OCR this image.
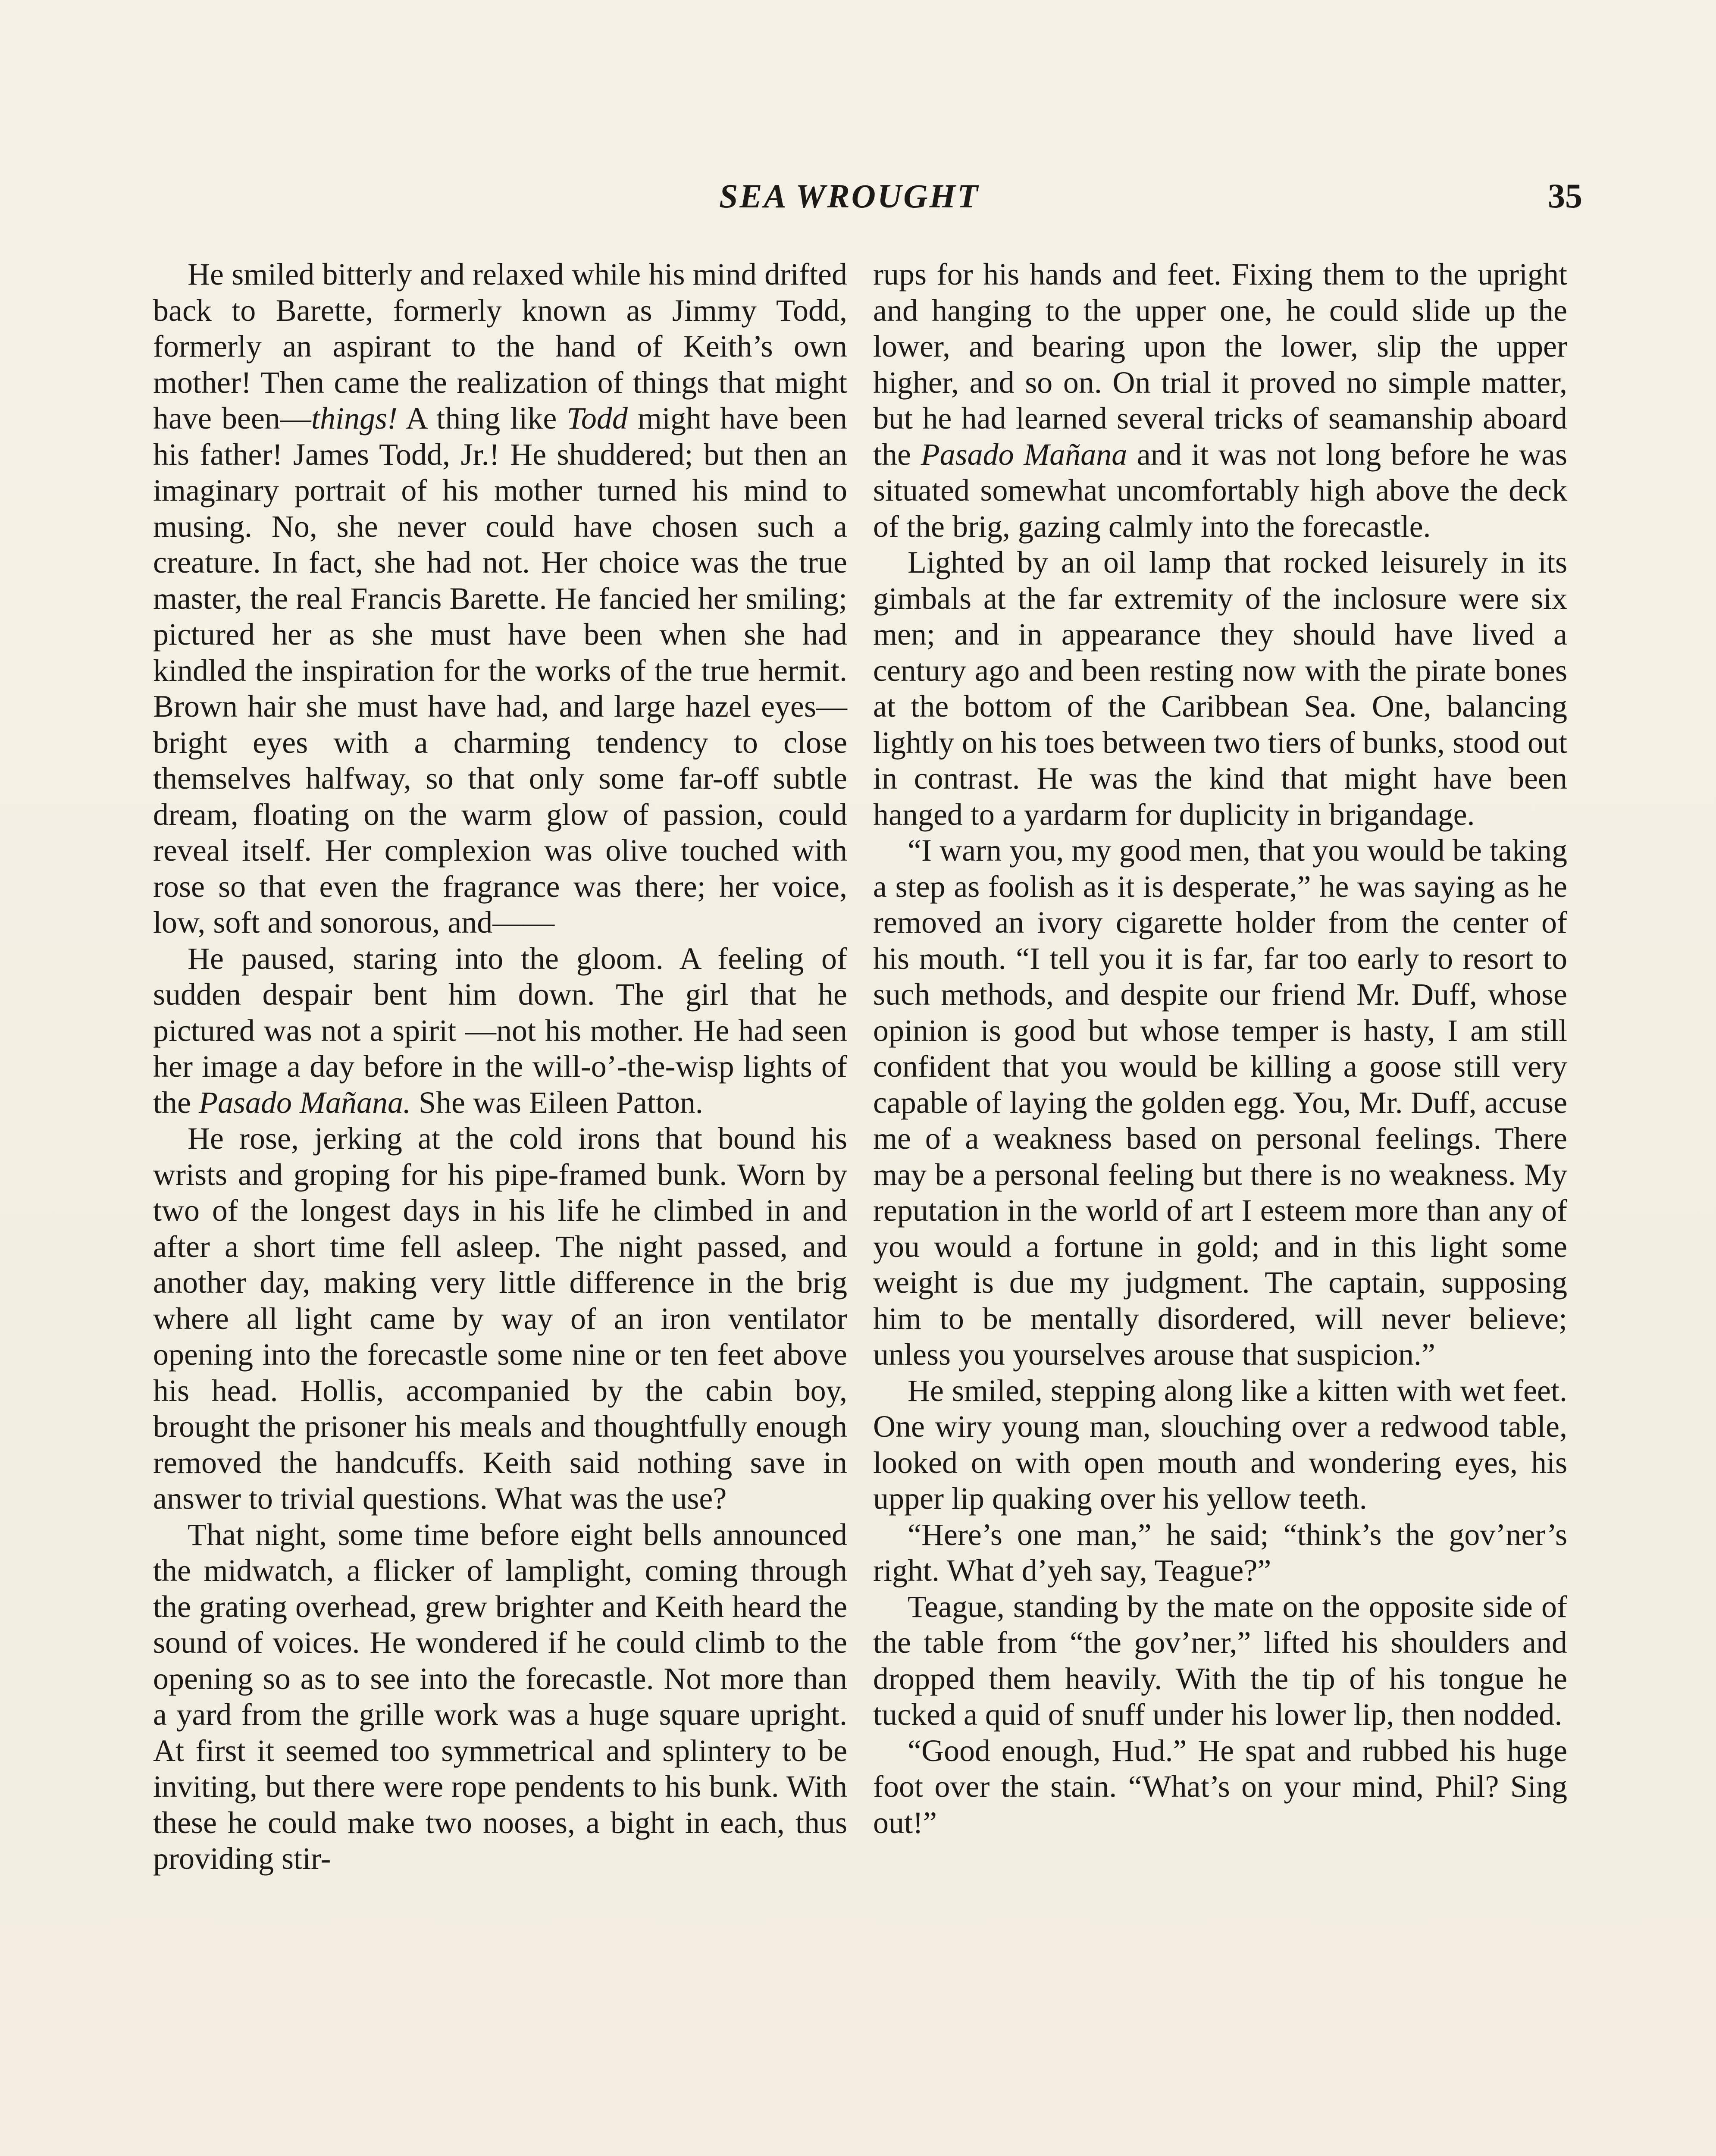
SEA WROUGHT	35

He smiled bitterly and relaxed while his mind drifted back to Barette, formerly known as Jimmy Todd, formerly an aspirant to the hand of Keith’s own mother! Then came the realization of things that might have been—things! A thing like Todd might have been his father! James Todd, Jr.! He shuddered; but then an imaginary portrait of his mother turned his mind to musing. No, she never could have chosen such a creature. In fact, she had not. Her choice was the true master, the real Francis Barette. He fancied her smiling; pictured her as she must have been when she had kindled the inspiration for the works of the true hermit. Brown hair she must have had, and large hazel eyes—bright eyes with a charming tendency to close themselves halfway, so that only some far-off subtle dream, floating on the warm glow of passion, could reveal itself. Her complexion was olive touched with rose so that even the fragrance was there; her voice, low, soft and sonorous, and——

He paused, staring into the gloom. A feeling of sudden despair bent him down. The girl that he pictured was not a spirit —not his mother. He had seen her image a day before in the will-o’-the-wisp lights of the Pasado Mañana. She was Eileen Patton.

He rose, jerking at the cold irons that bound his wrists and groping for his pipe-framed bunk. Worn by two of the longest days in his life he climbed in and after a short time fell asleep. The night passed, and another day, making very little difference in the brig where all light came by way of an iron ventilator opening into the forecastle some nine or ten feet above his head. Hollis, accompanied by the cabin boy, brought the prisoner his meals and thoughtfully enough removed the handcuffs. Keith said nothing save in answer to trivial questions. What was the use?

That night, some time before eight bells announced the midwatch, a flicker of lamplight, coming through the grating overhead, grew brighter and Keith heard the sound of voices. He wondered if he could climb to the opening so as to see into the forecastle. Not more than a yard from the grille work was a huge square upright. At first it seemed too symmetrical and splintery to be inviting, but there were rope pendents to his bunk. With these he could make two nooses, a bight in each, thus providing stir-

rups for his hands and feet. Fixing them to the upright and hanging to the upper one, he could slide up the lower, and bearing upon the lower, slip the upper higher, and so on. On trial it proved no simple matter, but he had learned several tricks of seamanship aboard the Pasado Mañana and it was not long before he was situated somewhat uncomfortably high above the deck of the brig, gazing calmly into the forecastle.

Lighted by an oil lamp that rocked leisurely in its gimbals at the far extremity of the inclosure were six men; and in appearance they should have lived a century ago and been resting now with the pirate bones at the bottom of the Caribbean Sea. One, balancing lightly on his toes between two tiers of bunks, stood out in contrast. He was the kind that might have been hanged to a yardarm for duplicity in brigandage.

“I warn you, my good men, that you would be taking a step as foolish as it is desperate,” he was saying as he removed an ivory cigarette holder from the center of his mouth. “I tell you it is far, far too early to resort to such methods, and despite our friend Mr. Duff, whose opinion is good but whose temper is hasty, I am still confident that you would be killing a goose still very capable of laying the golden egg. You, Mr. Duff, accuse me of a weakness based on personal feelings. There may be a personal feeling but there is no weakness. My reputation in the world of art I esteem more than any of you would a fortune in gold; and in this light some weight is due my judgment. The captain, supposing him to be mentally disordered, will never believe; unless you yourselves arouse that suspicion.”

He smiled, stepping along like a kitten with wet feet. One wiry young man, slouching over a redwood table, looked on with open mouth and wondering eyes, his upper lip quaking over his yellow teeth.

“Here’s one man,” he said; “think’s the gov’ner’s right. What d’yeh say, Teague?”

Teague, standing by the mate on the opposite side of the table from “the gov’ner,” lifted his shoulders and dropped them heavily. With the tip of his tongue he tucked a quid of snuff under his lower lip, then nodded.

“Good enough, Hud.” He spat and rubbed his huge foot over the stain. “What’s on your mind, Phil? Sing out!”
